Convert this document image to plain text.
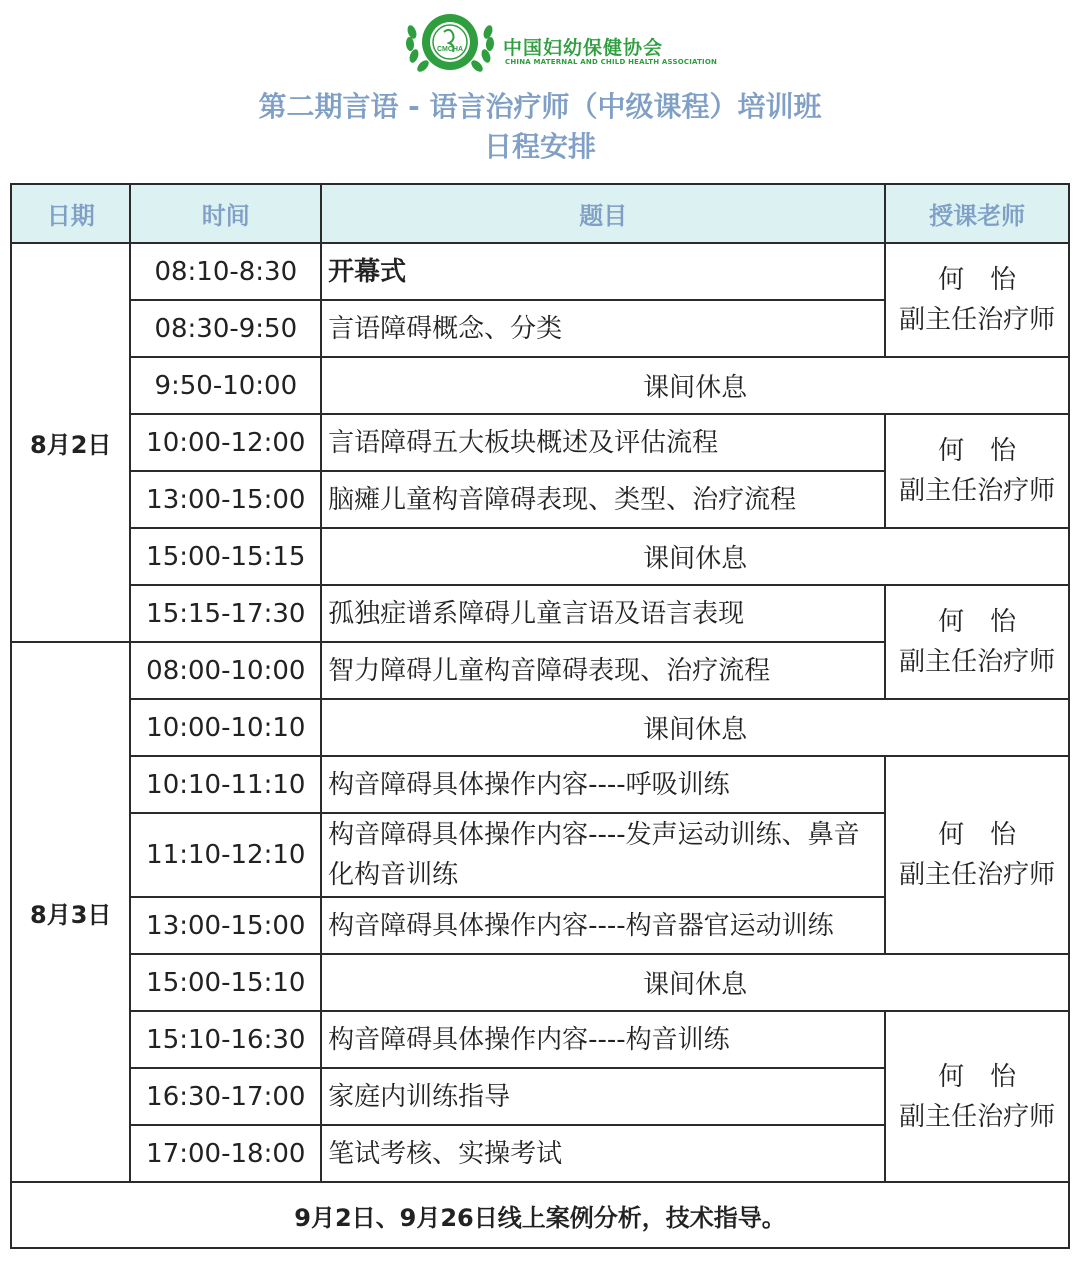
CMCHA 中国妇幼保健协会
CHINA MATERNAL AND CHILD HEALTH ASSOCIATION
第二期言语 - 语言治疗师（中级课程）培训班
日程安排
日期	时间	题目	授课老师
8月2日	08:10-8:30	开幕式	何　怡
副主任治疗师

	08:30-9:50	言语障碍概念、分类	
	9:50-10:00	课间休息	
	10:00-12:00	言语障碍五大板块概述及评估流程	何　怡
副主任治疗师

	13:00-15:00	脑瘫儿童构音障碍表现、类型、治疗流程	
	15:00-15:15	课间休息	
	15:15-17:30	孤独症谱系障碍儿童言语及语言表现	何　怡
副主任治疗师

8月3日	08:00-10:00	智力障碍儿童构音障碍表现、治疗流程	
	10:00-10:10	课间休息	
	10:10-11:10	构音障碍具体操作内容----呼吸训练	何　怡
副主任治疗师

	11:10-12:10	构音障碍具体操作内容----发声运动训练、鼻音化构音训练	
	13:00-15:00	构音障碍具体操作内容----构音器官运动训练	
	15:00-15:10	课间休息	
	15:10-16:30	构音障碍具体操作内容----构音训练	何　怡
副主任治疗师

	16:30-17:00	家庭内训练指导	
	17:00-18:00	笔试考核、实操考试	
9月2日、9月26日线上案例分析，技术指导。			
